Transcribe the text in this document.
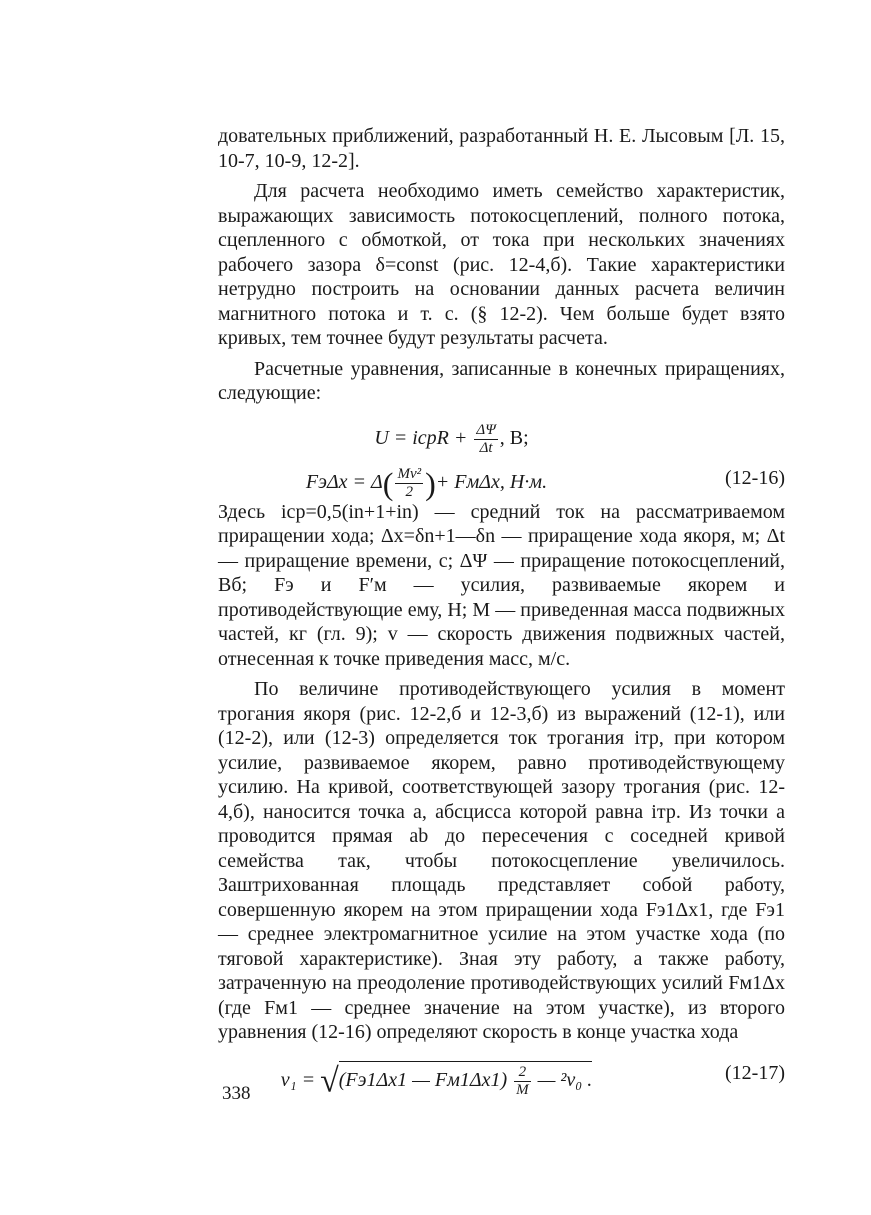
довательных приближений, разработанный Н. Е. Лысовым [Л. 15, 10-7, 10-9, 12-2].

Для расчета необходимо иметь семейство характеристик, выражающих зависимость потокосцеплений, полного потока, сцепленного с обмоткой, от тока при нескольких значениях рабочего зазора δ=const (рис. 12-4,б). Такие характеристики нетрудно построить на основании данных расчета величин магнитного потока и т. с. (§ 12-2). Чем больше будет взято кривых, тем точнее будут результаты расчета.

Расчетные уравнения, записанные в конечных приращениях, следующие:

U = iсрR + $\frac{\Delta\Psi}{\Delta t}$ , В;
$Fэ\Delta x = \Delta( \frac{\text{Mv²}}{2}$ )+ FмΔx, Н·м.	(12-16)

Здесь iср=0,5(in+1+in) — средний ток на рассматриваемом приращении хода; Δx=δn+1—δn — приращение хода якоря, м; Δt — приращение времени, с; ΔΨ — приращение потокосцеплений, Вб; Fэ и F′м — усилия, развиваемые якорем и противодействующие ему, Н; M — приведенная масса подвижных частей, кг (гл. 9); v — скорость движения подвижных частей, отнесенная к точке приведения масс, м/с.

По величине противодействующего усилия в момент трогания якоря (рис. 12-2,б и 12-3,б) из выражений (12-1), или (12-2), или (12-3) определяется ток трогания iтр, при котором усилие, развиваемое якорем, равно противодействующему усилию. На кривой, соответствующей зазору трогания (рис. 12-4,б), наносится точка a, абсцисса которой равна iтр. Из точки a проводится прямая ab до пересечения с соседней кривой семейства так, чтобы потокосцепление увеличилось. Заштрихованная площадь представляет собой работу, совершенную якорем на этом приращении хода Fэ1Δx1, где Fэ1 — среднее электромагнитное усилие на этом участке хода (по тяговой характеристике). Зная эту работу, а также работу, затраченную на преодоление противодействующих усилий Fм1Δx (где Fм1 — среднее значение на этом участке), из второго уравнения (12-16) определяют скорость в конце участка хода

v₁ = √(Fэ1Δx1 — $Fм1\Delta x1) \frac{2}{M}$ — ²v₀ .	(12-17)
338
